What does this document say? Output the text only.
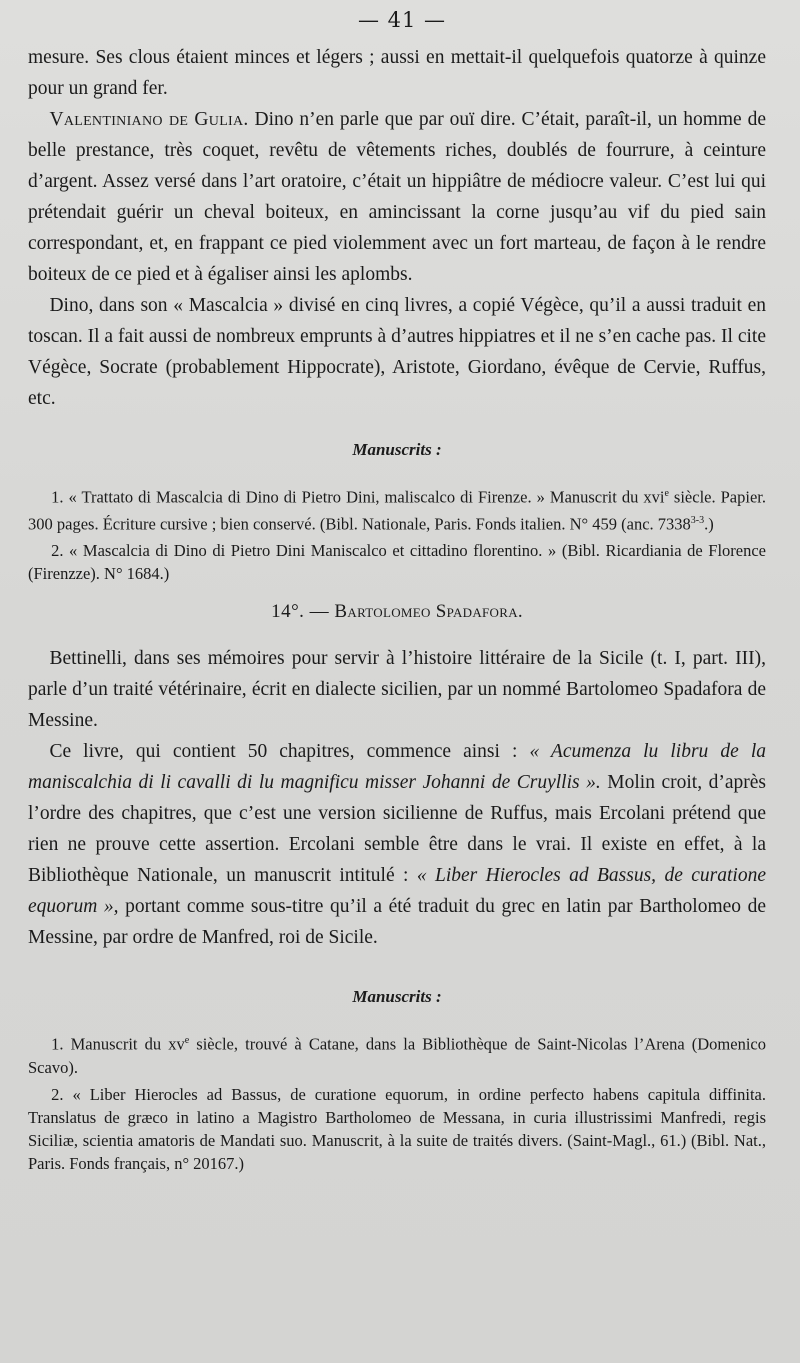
— 41 —

mesure. Ses clous étaient minces et légers ; aussi en mettait-il quelquefois quatorze à quinze pour un grand fer.

Valentiniano de Gulia. Dino n’en parle que par ouï dire. C’était, paraît-il, un homme de belle prestance, très coquet, revêtu de vêtements riches, doublés de fourrure, à ceinture d’argent. Assez versé dans l’art oratoire, c’était un hippiâtre de médiocre valeur. C’est lui qui prétendait guérir un cheval boiteux, en amincissant la corne jusqu’au vif du pied sain correspondant, et, en frappant ce pied violemment avec un fort marteau, de façon à le rendre boiteux de ce pied et à égaliser ainsi les aplombs.

Dino, dans son « Mascalcia » divisé en cinq livres, a copié Végèce, qu’il a aussi traduit en toscan. Il a fait aussi de nombreux emprunts à d’autres hippiatres et il ne s’en cache pas. Il cite Végèce, Socrate (probablement Hippocrate), Aristote, Giordano, évêque de Cervie, Ruffus, etc.

Manuscrits :

1. « Trattato di Mascalcia di Dino di Pietro Dini, maliscalco di Firenze. » Manuscrit du xvi$^e$ siècle. Papier. 300 pages. Écriture cursive ; bien conservé. (Bibl. Nationale, Paris. Fonds italien. N° 459 (anc. 7338$^{3-3}$.)

2. « Mascalcia di Dino di Pietro Dini Maniscalco et cittadino florentino. » (Bibl. Ricardiania de Florence (Firenzze). N° 1684.)

14°. — Bartolomeo Spadafora.

Bettinelli, dans ses mémoires pour servir à l’histoire littéraire de la Sicile (t. I, part. III), parle d’un traité vétérinaire, écrit en dialecte sicilien, par un nommé Bartolomeo Spadafora de Messine.

Ce livre, qui contient 50 chapitres, commence ainsi : « Acumenza lu libru de la maniscalchia di li cavalli di lu magnificu misser Johanni de Cruyllis ». Molin croit, d’après l’ordre des chapitres, que c’est une version sicilienne de Ruffus, mais Ercolani prétend que rien ne prouve cette assertion. Ercolani semble être dans le vrai. Il existe en effet, à la Bibliothèque Nationale, un manuscrit intitulé : « Liber Hierocles ad Bassus, de curatione equorum », portant comme sous-titre qu’il a été traduit du grec en latin par Bartholomeo de Messine, par ordre de Manfred, roi de Sicile.

Manuscrits :

1. Manuscrit du $xv^e$ siècle, trouvé à Catane, dans la Bibliothèque de Saint-Nicolas l’Arena (Domenico Scavo).

2. « Liber Hierocles ad Bassus, de curatione equorum, in ordine perfecto habens capitula diffinita. Translatus de græco in latino a Magistro Bartholomeo de Messana, in curia illustrissimi Manfredi, regis Siciliæ, scientia amatoris de Mandati suo. Manuscrit, à la suite de traités divers. (Saint-Magl., 61.) (Bibl. Nat., Paris. Fonds français, n° 20167.)
